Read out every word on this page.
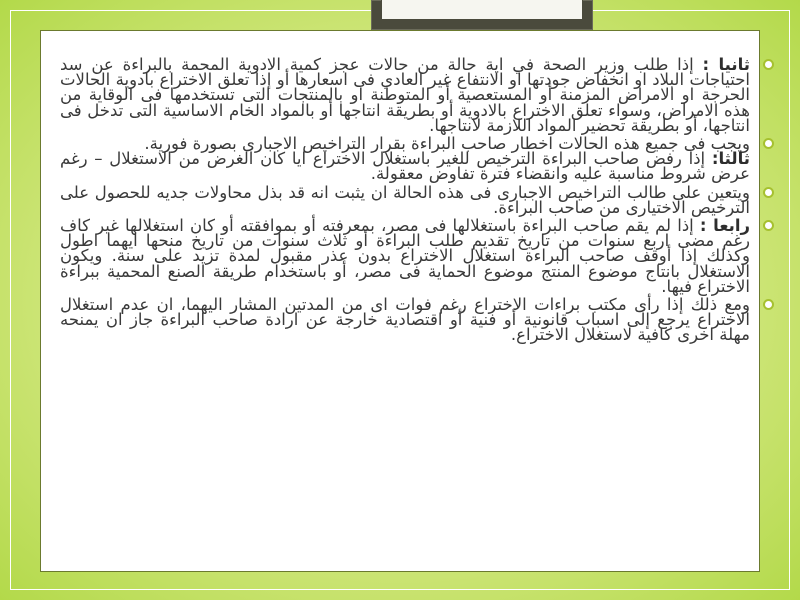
ثانيا : إذا طلب وزير الصحة في اية حالة من حالات عجز كمية الادوية المحمة بالبراءة عن سد احتياجات البلاد او انخفاض جودتها او الانتفاع غير العادي فى اسعارها أو إذا تعلق الاختراع بادوية الحالات الحرجة او الامراض المزمنة أو المستعصية أو المتوطنة او بالمنتجات التى تستخدمها فى الوقاية من هذه الامراض، وسواء تعلق الاختراع بالادوية أو بطريقة انتاجها أو بالمواد الخام الاساسية التى تدخل فى انتاجها، أو بطريقة تحضير المواد اللازمة لانتاجها.

ويجب فى جميع هذه الحالات اخطار صاحب البراءة بقرار التراخيص الاجبارى بصورة فورية.

ثالثا: إذا رفض صاحب البراءة الترخيص للغير باستغلال الاختراع ايا كان الغرض من الاستغلال – رغم عرض شروط مناسبة عليه وانقضاء فترة تفاوض معقولة.

ويتعين على طالب التراخيص الاجبارى فى هذه الحالة ان يثبت انه قد بذل محاولات جديه للحصول على الترخيص الاختيارى من صاحب البراءة.

رابعا : إذا لم يقم صاحب البراءة باستغلالها فى مصر، بمعرفته أو بموافقته أو كان استغلالها غير كاف رغم مضى اربع سنوات من تاريخ تقديم طلب البراءة أو ثلاث سنوات من تاريخ منحها ايهما اطول وكذلك إذا أوقف صاحب البراءة استغلال الاختراع بدون عذر مقبول لمدة تزيد على سنة. ويكون الاستغلال بانتاج موضوع المنتج موضوع الحماية فى مصر، أو باستخدام طريقة الصنع المحمية ببراءة الاختراع فيها.

ومع ذلك إذا رأى مكتب براءات الاختراع رغم فوات اى من المدتين المشار اليهما، ان عدم استغلال الاختراع يرجع إلى اسباب قانونية أو فنية أو اقتصادية خارجة عن ارادة صاحب البراءة جاز ان يمنحه مهلة اخرى كافية لاستغلال الاختراع.
